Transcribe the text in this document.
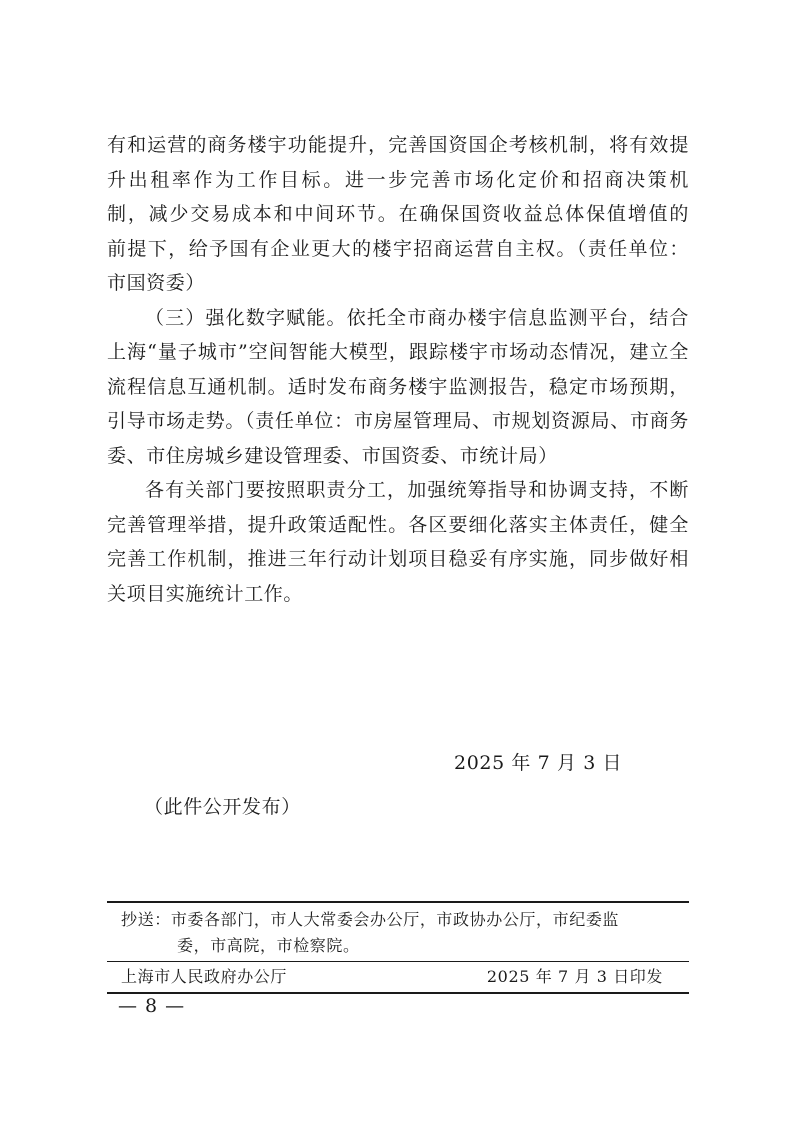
有和运营的商务楼宇功能提升，完善国资国企考核机制，将有效提
升出租率作为工作目标。进一步完善市场化定价和招商决策机
制，减少交易成本和中间环节。在确保国资收益总体保值增值的
前提下，给予国有企业更大的楼宇招商运营自主权。（责任单位：
市国资委）
（三）强化数字赋能。依托全市商办楼宇信息监测平台，结合
上海“量子城市”空间智能大模型，跟踪楼宇市场动态情况，建立全
流程信息互通机制。适时发布商务楼宇监测报告，稳定市场预期，
引导市场走势。（责任单位：市房屋管理局、市规划资源局、市商务
委、市住房城乡建设管理委、市国资委、市统计局）
各有关部门要按照职责分工，加强统筹指导和协调支持，不断
完善管理举措，提升政策适配性。各区要细化落实主体责任，健全
完善工作机制，推进三年行动计划项目稳妥有序实施，同步做好相
关项目实施统计工作。
2025 年 7 月 3 日
（此件公开发布）
抄送：市委各部门，市人大常委会办公厅，市政协办公厅，市纪委监
委，市高院，市检察院。
上海市人民政府办公厅	2025 年 7 月 3 日印发
— 8 —
